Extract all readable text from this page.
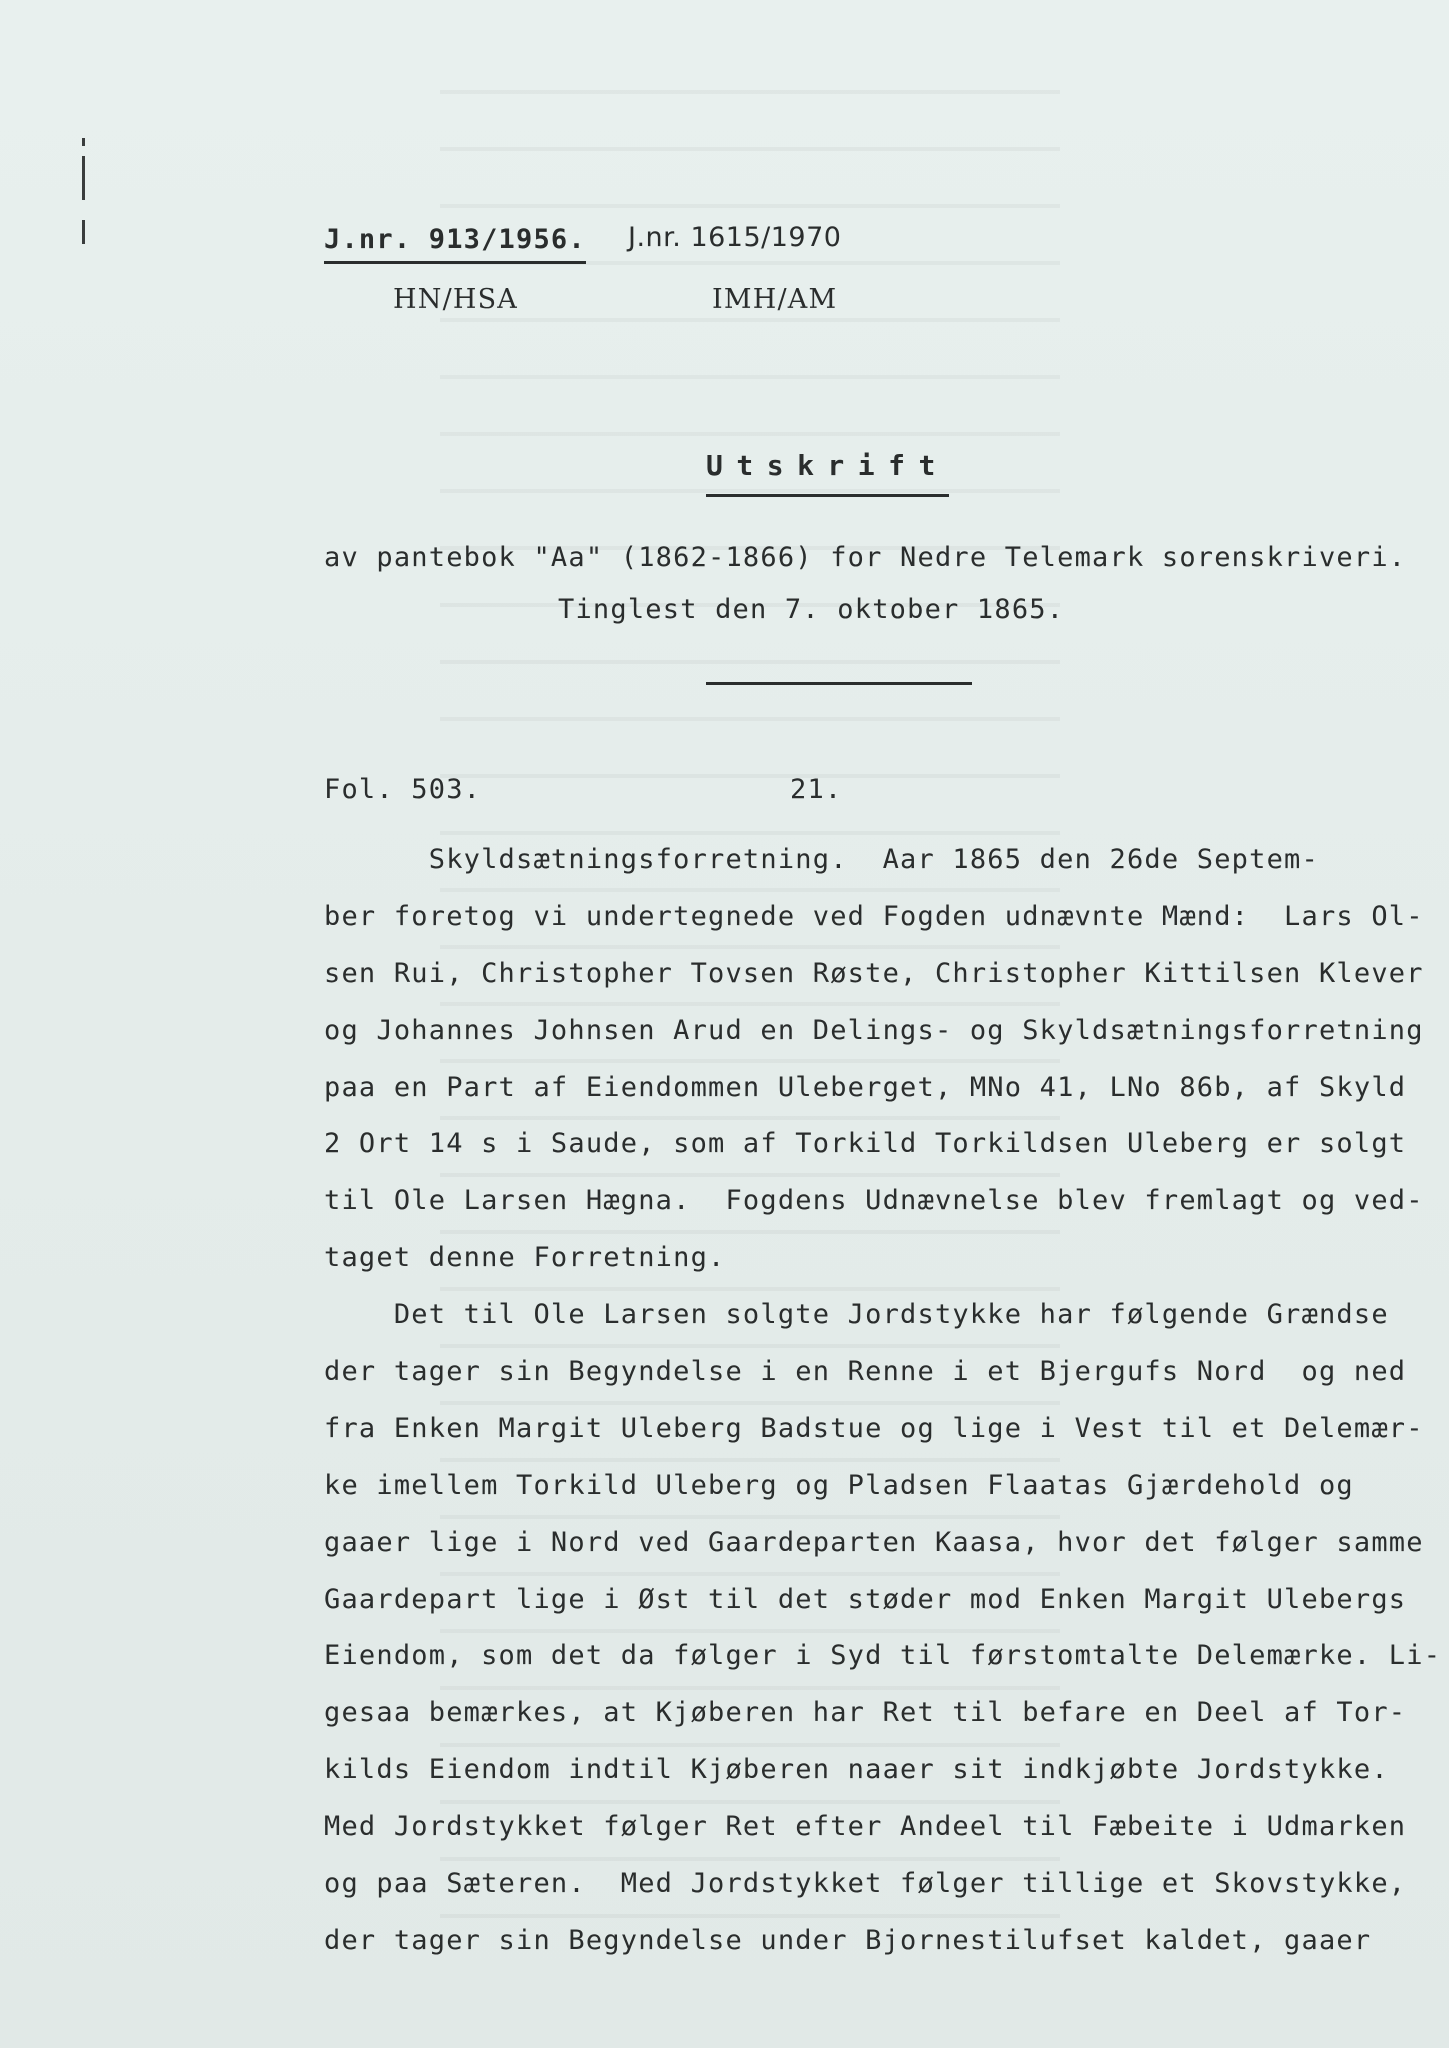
J.nr. 913/1956. J.nr. 1615/1970
HN/HSA	IMH/AM
Utskrift
av pantebok "Aa" (1862-1866) for Nedre Telemark sorenskriveri.
Tinglest den 7. oktober 1865.
Fol. 503.	21.
Skyldsætningsforretning.  Aar 1865 den 26de Septem-
ber foretog vi undertegnede ved Fogden udnævnte Mænd:  Lars Ol-
sen Rui, Christopher Tovsen Røste, Christopher Kittilsen Klever
og Johannes Johnsen Arud en Delings- og Skyldsætningsforretning
paa en Part af Eiendommen Uleberget, MNo 41, LNo 86b, af Skyld
2 Ort 14 s i Saude, som af Torkild Torkildsen Uleberg er solgt
til Ole Larsen Hægna.  Fogdens Udnævnelse blev fremlagt og ved-
taget denne Forretning.
Det til Ole Larsen solgte Jordstykke har følgende Grændse
der tager sin Begyndelse i en Renne i et Bjergufs Nord  og ned
fra Enken Margit Uleberg Badstue og lige i Vest til et Delemær-
ke imellem Torkild Uleberg og Pladsen Flaatas Gjærdehold og
gaaer lige i Nord ved Gaardeparten Kaasa, hvor det følger samme
Gaardepart lige i Øst til det støder mod Enken Margit Ulebergs
Eiendom, som det da følger i Syd til førstomtalte Delemærke. Li-
gesaa bemærkes, at Kjøberen har Ret til befare en Deel af Tor-
kilds Eiendom indtil Kjøberen naaer sit indkjøbte Jordstykke.
Med Jordstykket følger Ret efter Andeel til Fæbeite i Udmarken
og paa Sæteren.  Med Jordstykket følger tillige et Skovstykke,
der tager sin Begyndelse under Bjornestilufset kaldet, gaaer
